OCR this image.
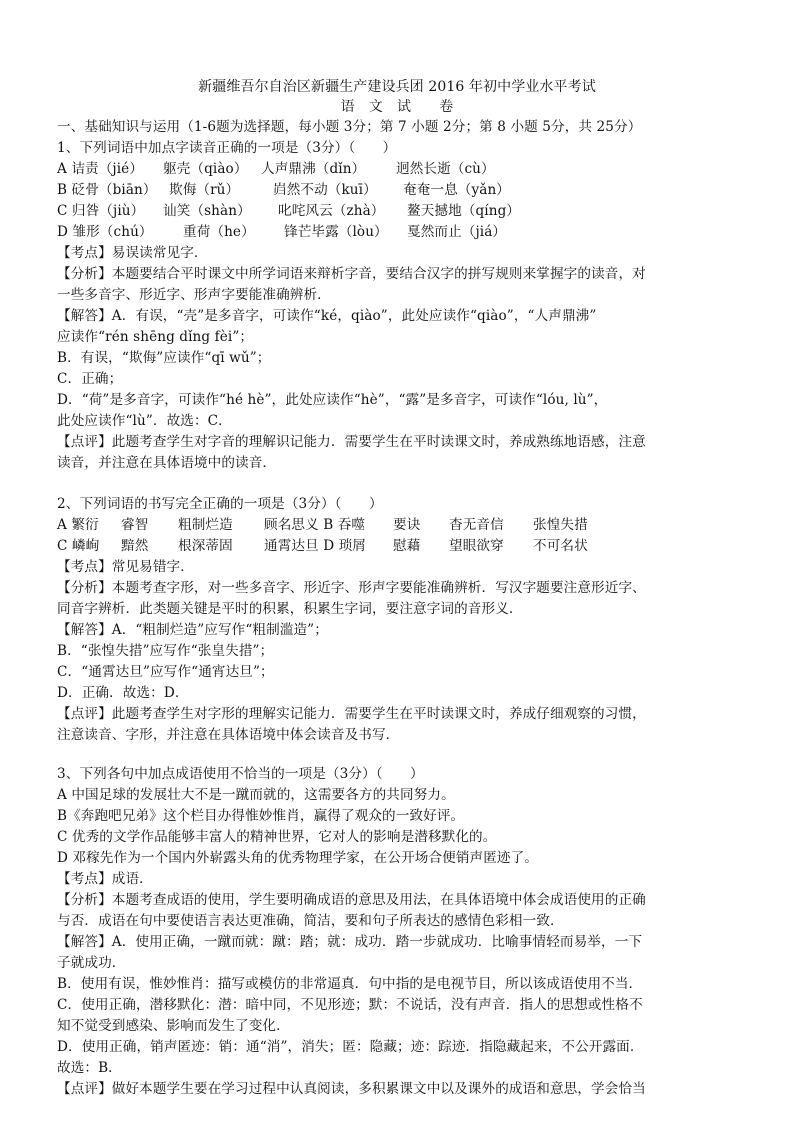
新疆维吾尔自治区新疆生产建设兵团 2016 年初中学业水平考试
语　文　试　　卷
一、基础知识与运用（1-6题为选择题，每小题 3分；第 7 小题 2分；第 8 小题 5分，共 25分）
1、下列词语中加点字读音正确的一项是（3分）（　　）
A 诘责（jié）	躯壳（qiào） 人声鼎沸（dǐn）	迥然长逝（cù）
B 砭骨（biān） 欺侮（rǔ）	岿然不动（kuī）	奄奄一息（yǎn）
C 归咎（jiù）	讪笑（shàn）	叱咤风云（zhà）	鳌天撼地（qíng）
D 雏形（chú）	重荷（he）	锋芒毕露（lòu）	戛然而止（jiá）
【考点】易误读常见字．
【分析】本题要结合平时课文中所学词语来辩析字音，要结合汉字的拼写规则来掌握字的读音，对
一些多音字、形近字、形声字要能准确辨析．
【解答】A．有误，“壳”是多音字，可读作“ké，qiào”，此处应读作“qiào”，“人声鼎沸”
应读作“rén shēng dǐng fèi”；
B．有误，“欺侮”应读作“qī wǔ”；
C．正确；
D．“荷”是多音字，可读作“hé hè”，此处应读作“hè”，“露”是多音字，可读作“lóu, lù”，
此处应读作“lù”．故选：C．
【点评】此题考查学生对字音的理解识记能力．需要学生在平时读课文时，养成熟练地语感，注意
读音，并注意在具体语境中的读音．
2、下列词语的书写完全正确的一项是（3分）（　　）
A 繁衍	睿智	粗制烂造	顾名思义 B 吞噬	要诀	杳无音信	张惶失措
C 嶙峋	黯然	根深蒂固	通霄达旦 D 琐屑	慰藉	望眼欲穿	不可名状
【考点】常见易错字．
【分析】本题考查字形，对一些多音字、形近字、形声字要能准确辨析．写汉字题要注意形近字、
同音字辨析．此类题关键是平时的积累，积累生字词，要注意字词的音形义．
【解答】A．“粗制烂造”应写作“粗制滥造”；
B．“张惶失措”应写作“张皇失措”；
C．“通霄达旦”应写作“通宵达旦”；
D．正确．故选：D．
【点评】此题考查学生对字形的理解实记能力．需要学生在平时读课文时，养成仔细观察的习惯，
注意读音、字形，并注意在具体语境中体会读音及书写．
3、下列各句中加点成语使用不恰当的一项是（3分）（　　）
A 中国足球的发展壮大不是一蹴而就的，这需要各方的共同努力。
B《奔跑吧兄弟》这个栏目办得惟妙惟肖，赢得了观众的一致好评。
C 优秀的文学作品能够丰富人的精神世界，它对人的影响是潜移默化的。
D 邓稼先作为一个国内外崭露头角的优秀物理学家，在公开场合便销声匿迹了。
【考点】成语．
【分析】本题考查成语的使用，学生要明确成语的意思及用法，在具体语境中体会成语使用的正确
与否．成语在句中要使语言表达更准确，简洁，要和句子所表达的感情色彩相一致．
【解答】A．使用正确，一蹴而就：蹴：踏；就：成功．踏一步就成功．比喻事情轻而易举，一下
子就成功．
B．使用有误，惟妙惟肖：描写或模仿的非常逼真．句中指的是电视节目，所以该成语使用不当．
C．使用正确，潜移默化：潜：暗中同，不见形迹；默：不说话，没有声音．指人的思想或性格不
知不觉受到感染、影响而发生了变化．
D．使用正确，销声匿迹：销：通“消”，消失；匿：隐藏；迹：踪迹．指隐藏起来，不公开露面．
故选：B．
【点评】做好本题学生要在学习过程中认真阅读，多积累课文中以及课外的成语和意思，学会恰当
